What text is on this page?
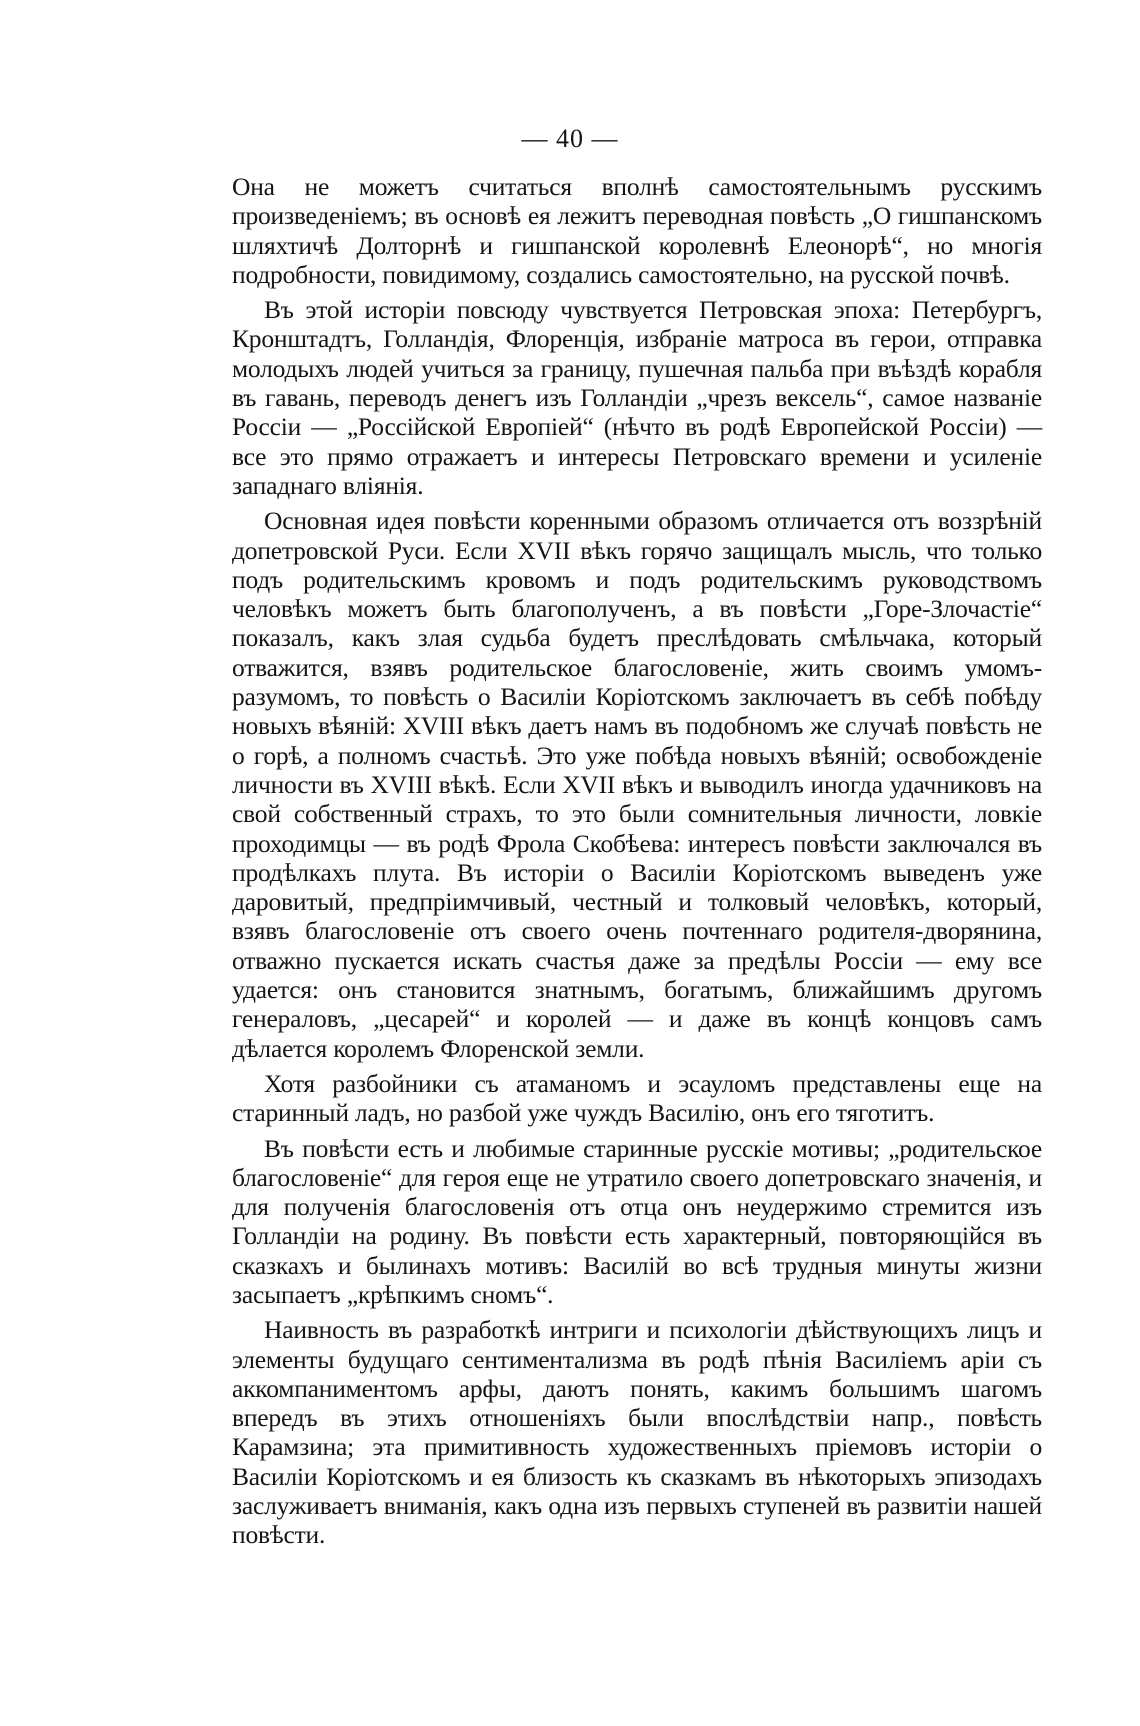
— 40 —

Она не можетъ считаться вполнѣ самостоятельнымъ русскимъ произведеніемъ; въ основѣ ея лежитъ переводная повѣсть „О гишпанскомъ шляхтичѣ Долторнѣ и гишпанской королевнѣ Елеонорѣ“, но многія подробности, повидимому, создались самостоятельно, на русской почвѣ.

Въ этой исторіи повсюду чувствуется Петровская эпоха: Петербургъ, Кронштадтъ, Голландія, Флоренція, избраніе матроса въ герои, отправка молодыхъ людей учиться за границу, пушечная пальба при въѣздѣ корабля въ гавань, переводъ денегъ изъ Голландіи „чрезъ вексель“, самое названіе Россіи — „Россійской Европіей“ (нѣчто въ родѣ Европейской Россіи) — все это прямо отражаетъ и интересы Петровскаго времени и усиленіе западнаго вліянія.

Основная идея повѣсти коренными образомъ отличается отъ воззрѣній допетровской Руси. Если XVII вѣкъ горячо защищалъ мысль, что только подъ родительскимъ кровомъ и подъ родительскимъ руководствомъ человѣкъ можетъ быть благополученъ, а въ повѣсти „Горе-Злочастіе“ показалъ, какъ злая судьба будетъ преслѣдовать смѣльчака, который отважится, взявъ родительское благословеніе, жить своимъ умомъ-разумомъ, то повѣсть о Василіи Коріотскомъ заключаетъ въ себѣ побѣду новыхъ вѣяній: XVIII вѣкъ даетъ намъ въ подобномъ же случаѣ повѣсть не о горѣ, а полномъ счастьѣ. Это уже побѣда новыхъ вѣяній; освобожденіе личности въ XVIII вѣкѣ. Если XVII вѣкъ и выводилъ иногда удачниковъ на свой собственный страхъ, то это были сомнительныя личности, ловкіе проходимцы — въ родѣ Фрола Скобѣева: интересъ повѣсти заключался въ продѣлкахъ плута. Въ исторіи о Василіи Коріотскомъ выведенъ уже даровитый, предпріимчивый, честный и толковый человѣкъ, который, взявъ благословеніе отъ своего очень почтеннаго родителя-дворянина, отважно пускается искать счастья даже за предѣлы Россіи — ему все удается: онъ становится знатнымъ, богатымъ, ближайшимъ другомъ генераловъ, „цесарей“ и королей — и даже въ концѣ концовъ самъ дѣлается королемъ Флоренской земли.

Хотя разбойники съ атаманомъ и эсауломъ представлены еще на старинный ладъ, но разбой уже чуждъ Василію, онъ его тяготитъ.

Въ повѣсти есть и любимые старинные русскіе мотивы; „родительское благословеніе“ для героя еще не утратило своего допетровскаго значенія, и для полученія благословенія отъ отца онъ неудержимо стремится изъ Голландіи на родину. Въ повѣсти есть характерный, повторяющійся въ сказкахъ и былинахъ мотивъ: Василій во всѣ трудныя минуты жизни засыпаетъ „крѣпкимъ сномъ“.

Наивность въ разработкѣ интриги и психологіи дѣйствующихъ лицъ и элементы будущаго сентиментализма въ родѣ пѣнія Василіемъ аріи съ аккомпаниментомъ арфы, даютъ понять, какимъ большимъ шагомъ впередъ въ этихъ отношеніяхъ были впослѣдствіи напр., повѣсть Карамзина; эта примитивность художественныхъ пріемовъ исторіи о Василіи Коріотскомъ и ея близость къ сказкамъ въ нѣкоторыхъ эпизодахъ заслуживаетъ вниманія, какъ одна изъ первыхъ ступеней въ развитіи нашей повѣсти.
